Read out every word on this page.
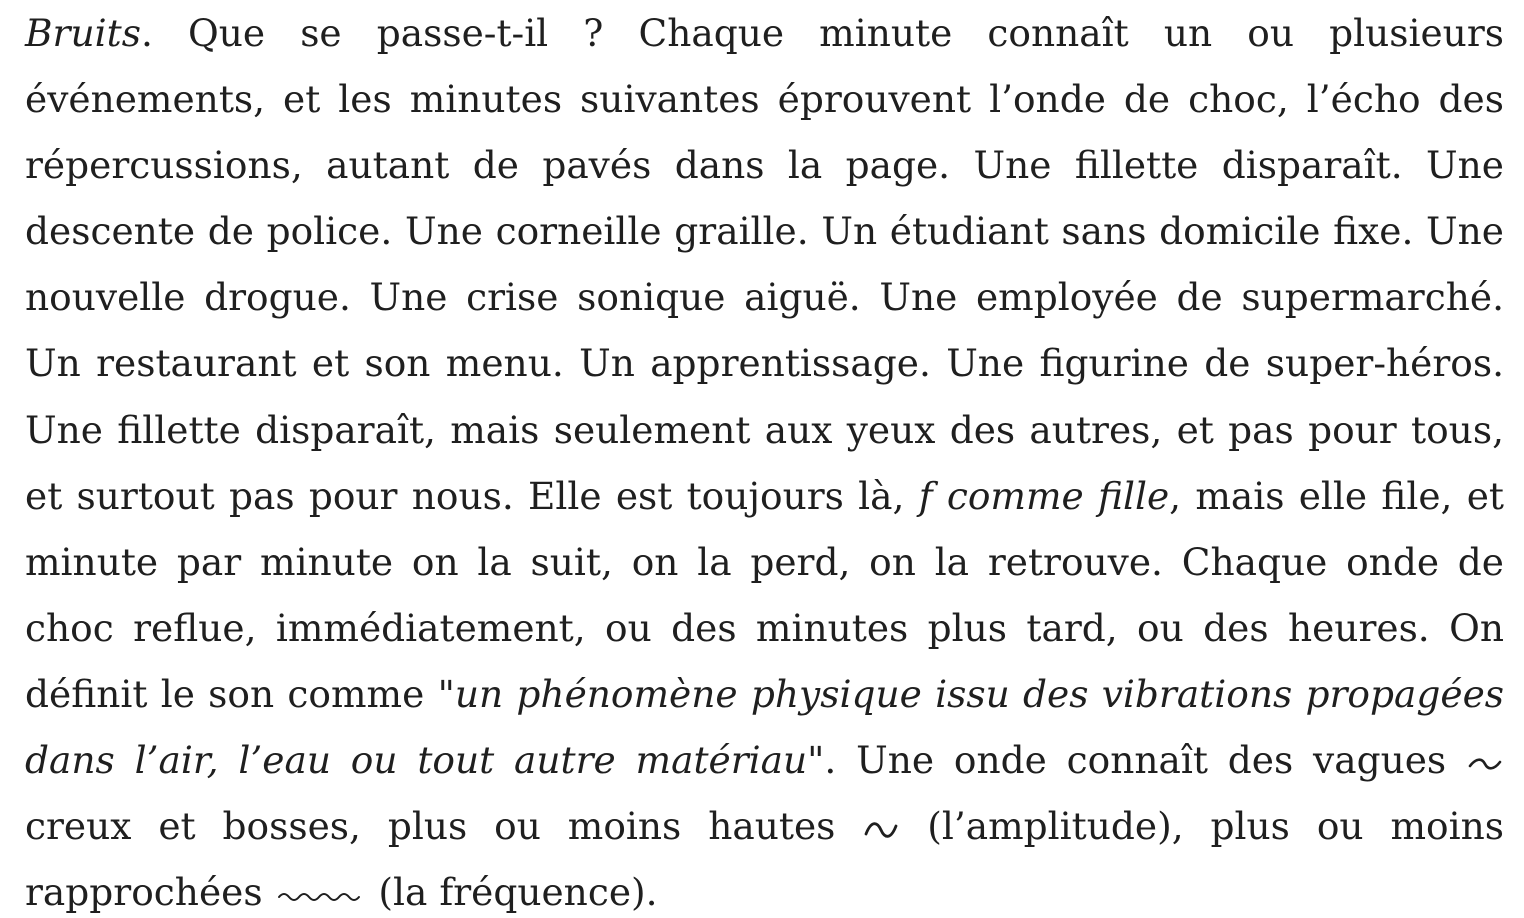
Bruits. Que se passe-t-il ? Chaque minute connaît un ou plusieurs événements, et les minutes suivantes éprouvent l’onde de choc, l’écho des répercussions, autant de pavés dans la page. Une fillette disparaît. Une descente de police. Une corneille graille. Un étudiant sans domicile fixe. Une nouvelle drogue. Une crise sonique aiguë. Une employée de supermarché. Un restaurant et son menu. Un apprentissage. Une figurine de super-héros. Une fillette disparaît, mais seulement aux yeux des autres, et pas pour tous, et surtout pas pour nous. Elle est toujours là, f comme fille, mais elle file, et minute par minute on la suit, on la perd, on la retrouve. Chaque onde de choc reflue, immédiatement, ou des minutes plus tard, ou des heures. On définit le son comme "un phénomène physique issu des vibrations propagées dans l’air, l’eau ou tout autre matériau". Une onde connaît des vagues
creux et bosses, plus ou moins hautes
(l’amplitude), plus ou moins rapprochées
(la fréquence).
